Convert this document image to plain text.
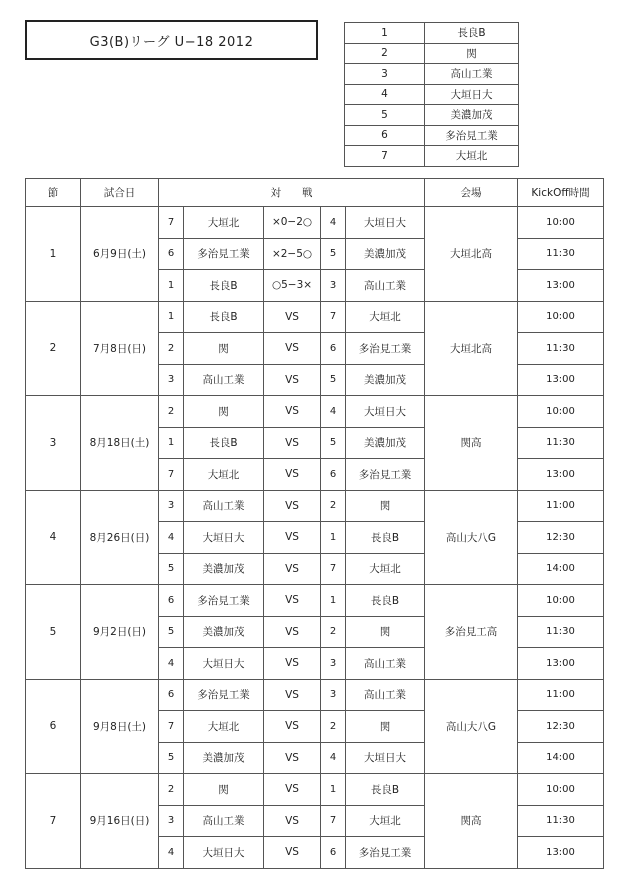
G3(B)リーグ U−18 2012
1	長良B
2	関
3	高山工業
4	大垣日大
5	美濃加茂
6	多治見工業
7	大垣北
節	試合日	対　　戦					会場	KickOff時間
1	6月9日(土)	7	大垣北	×0−2○	4	大垣日大	大垣北高	10:00
		6	多治見工業	×2−5○	5	美濃加茂		11:30
		1	長良B	○5−3×	3	高山工業		13:00
2	7月8日(日)	1	長良B	VS	7	大垣北	大垣北高	10:00
		2	関	VS	6	多治見工業		11:30
		3	高山工業	VS	5	美濃加茂		13:00
3	8月18日(土)	2	関	VS	4	大垣日大	関高	10:00
		1	長良B	VS	5	美濃加茂		11:30
		7	大垣北	VS	6	多治見工業		13:00
4	8月26日(日)	3	高山工業	VS	2	関	高山大八G	11:00
		4	大垣日大	VS	1	長良B		12:30
		5	美濃加茂	VS	7	大垣北		14:00
5	9月2日(日)	6	多治見工業	VS	1	長良B	多治見工高	10:00
		5	美濃加茂	VS	2	関		11:30
		4	大垣日大	VS	3	高山工業		13:00
6	9月8日(土)	6	多治見工業	VS	3	高山工業	高山大八G	11:00
		7	大垣北	VS	2	関		12:30
		5	美濃加茂	VS	4	大垣日大		14:00
7	9月16日(日)	2	関	VS	1	長良B	関高	10:00
		3	高山工業	VS	7	大垣北		11:30
		4	大垣日大	VS	6	多治見工業		13:00
